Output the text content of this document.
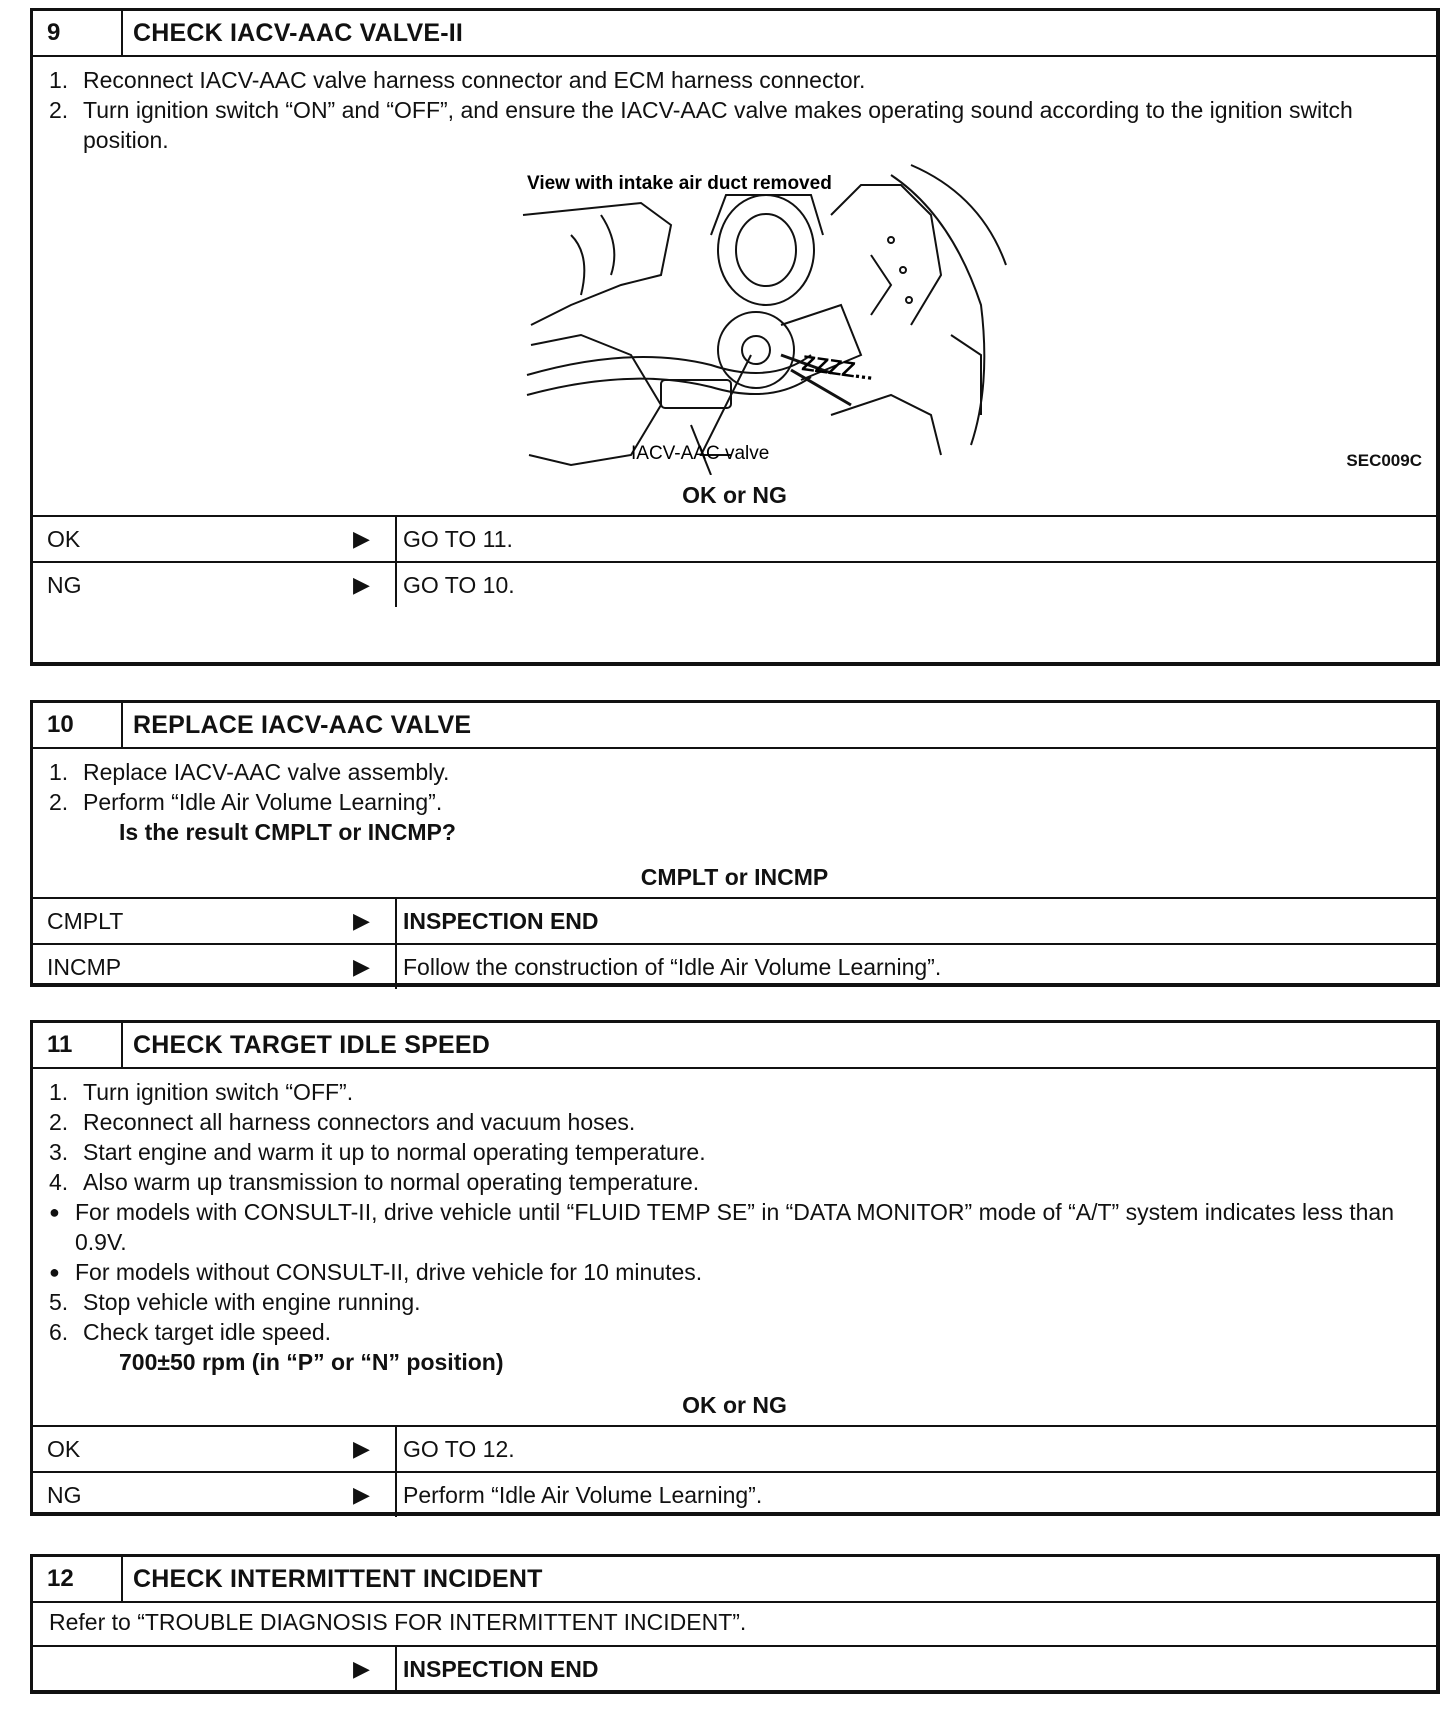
9	CHECK IACV-AAC VALVE-II
1. Reconnect IACV-AAC valve harness connector and ECM harness connector.
2. Turn ignition switch “ON” and “OFF”, and ensure the IACV-AAC valve makes operating sound according to the ignition switch position.
View with intake air duct removed
ZZZZ...
IACV-AAC valve	SEC009C
OK or NG
OK	▶	GO TO 11.
NG	▶	GO TO 10.
10	REPLACE IACV-AAC VALVE
1. Replace IACV-AAC valve assembly.
2. Perform “Idle Air Volume Learning”.
Is the result CMPLT or INCMP?
CMPLT or INCMP
CMPLT	▶	INSPECTION END
INCMP	▶	Follow the construction of “Idle Air Volume Learning”.
11	CHECK TARGET IDLE SPEED
1. Turn ignition switch “OFF”.
2. Reconnect all harness connectors and vacuum hoses.
3. Start engine and warm it up to normal operating temperature.
4. Also warm up transmission to normal operating temperature.
● For models with CONSULT-II, drive vehicle until “FLUID TEMP SE” in “DATA MONITOR” mode of “A/T” system indicates less than 0.9V.
● For models without CONSULT-II, drive vehicle for 10 minutes.
5. Stop vehicle with engine running.
6. Check target idle speed.
700±50 rpm (in “P” or “N” position)
OK or NG
OK	▶	GO TO 12.
NG	▶	Perform “Idle Air Volume Learning”.
12	CHECK INTERMITTENT INCIDENT
Refer to “TROUBLE DIAGNOSIS FOR INTERMITTENT INCIDENT”.
▶	INSPECTION END
